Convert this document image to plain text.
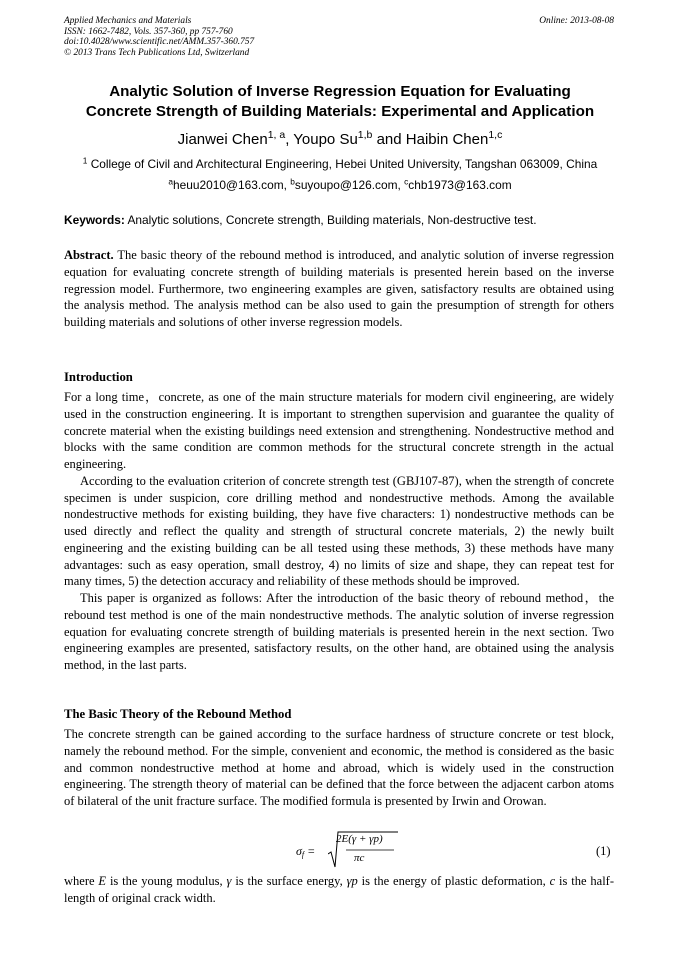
Applied Mechanics and Materials
ISSN: 1662-7482, Vols. 357-360, pp 757-760
doi:10.4028/www.scientific.net/AMM.357-360.757
© 2013 Trans Tech Publications Ltd, Switzerland
Online: 2013-08-08
Analytic Solution of Inverse Regression Equation for Evaluating
Concrete Strength of Building Materials: Experimental and Application
Jianwei Chen$^{1, a}$, Youpo Su$^{1,b}$ and Haibin Chen$^{1,c}$
$^1$ College of Civil and Architectural Engineering, Hebei United University, Tangshan 063009, China
$^a$heuu2010@163.com, $^b$suyoupo@126.com, $^c$chb1973@163.com
Keywords: Analytic solutions, Concrete strength, Building materials, Non-destructive test.

Abstract. The basic theory of the rebound method is introduced, and analytic solution of inverse regression equation for evaluating concrete strength of building materials is presented herein based on the inverse regression model. Furthermore, two engineering examples are given, satisfactory results are obtained using the analysis method. The analysis method can be also used to gain the presumption of strength for others building materials and solutions of other inverse regression models.

Introduction

For a long time，concrete, as one of the main structure materials for modern civil engineering, are widely used in the construction engineering. It is important to strengthen supervision and guarantee the quality of concrete material when the existing buildings need extension and strengthening. Nondestructive method and blocks with the same condition are common methods for the structural concrete strength in the actual engineering.

According to the evaluation criterion of concrete strength test (GBJ107-87), when the strength of concrete specimen is under suspicion, core drilling method and nondestructive methods. Among the available nondestructive methods for existing building, they have five characters: 1) nondestructive methods can be used directly and reflect the quality and strength of structural concrete materials, 2) the newly built engineering and the existing building can be all tested using these methods, 3) these methods have many advantages: such as easy operation, small destroy, 4) no limits of size and shape, they can repeat test for many times, 5) the detection accuracy and reliability of these methods should be improved.

This paper is organized as follows: After the introduction of the basic theory of rebound method，the rebound test method is one of the main nondestructive methods. The analytic solution of inverse regression equation for evaluating concrete strength of building materials is presented herein in the next section. Two engineering examples are presented, satisfactory results, on the other hand, are obtained using the analysis method, in the last parts.

The Basic Theory of the Rebound Method

The concrete strength can be gained according to the surface hardness of structure concrete or test block, namely the rebound method. For the simple, convenient and economic, the method is considered as the basic and common nondestructive method at home and abroad, which is widely used in the construction engineering. The strength theory of material can be defined that the force between the adjacent carbon atoms of bilateral of the unit fracture surface. The modified formula is presented by Irwin and Orowan.

$\sigma_f$ =
2E(γ + γp)
πc	(1)

where E is the young modulus, γ is the surface energy, γp is the energy of plastic deformation, c is the half-length of original crack width.
